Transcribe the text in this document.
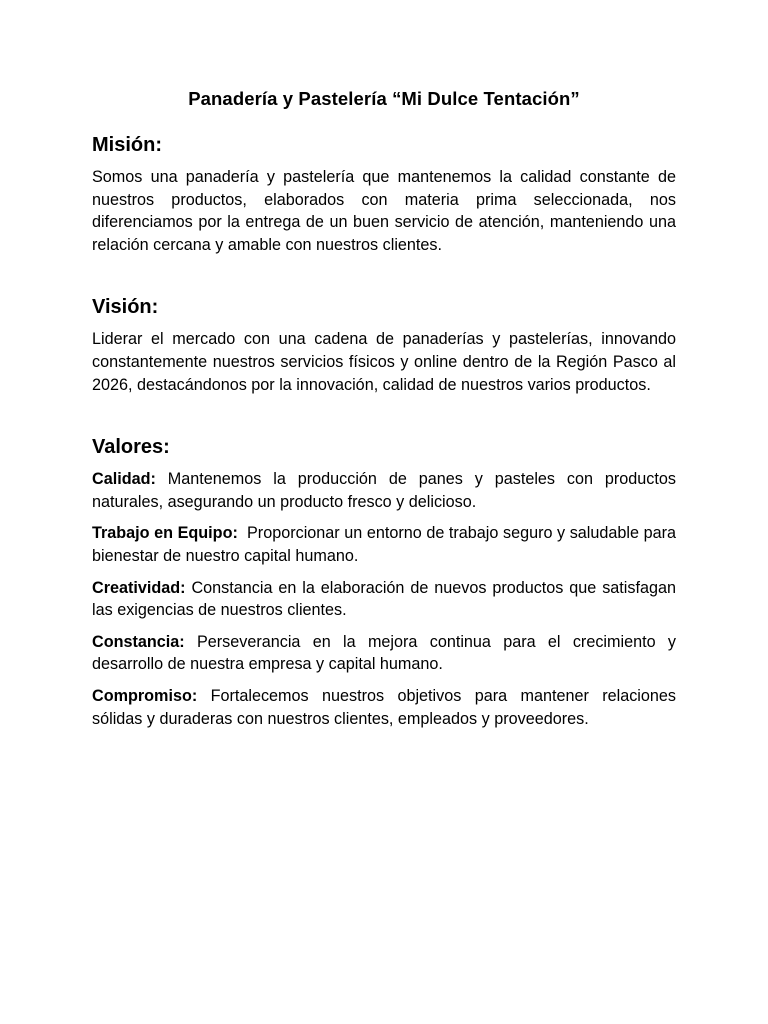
Panadería y Pastelería “Mi Dulce Tentación”
Misión:

Somos una panadería y pastelería que mantenemos la calidad constante de nuestros productos, elaborados con materia prima seleccionada, nos diferenciamos por la entrega de un buen servicio de atención, manteniendo una relación cercana y amable con nuestros clientes.

Visión:

Liderar el mercado con una cadena de panaderías y pastelerías, innovando constantemente nuestros servicios físicos y online dentro de la Región Pasco al 2026, destacándonos por la innovación, calidad de nuestros varios productos.

Valores:

Calidad: Mantenemos la producción de panes y pasteles con productos naturales, asegurando un producto fresco y delicioso.

Trabajo en Equipo:  Proporcionar un entorno de trabajo seguro y saludable para bienestar de nuestro capital humano.

Creatividad: Constancia en la elaboración de nuevos productos que satisfagan las exigencias de nuestros clientes.

Constancia: Perseverancia en la mejora continua para el crecimiento y desarrollo de nuestra empresa y capital humano.

Compromiso: Fortalecemos nuestros objetivos para mantener relaciones sólidas y duraderas con nuestros clientes, empleados y proveedores.
